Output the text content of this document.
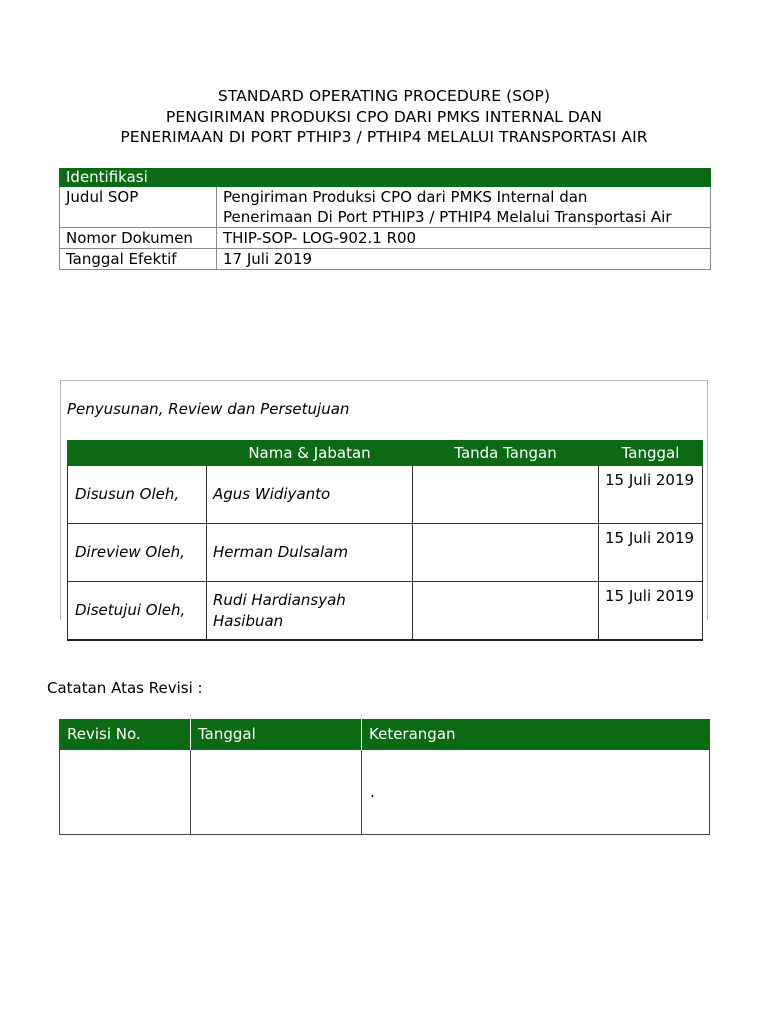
STANDARD OPERATING PROCEDURE (SOP)
PENGIRIMAN PRODUKSI CPO DARI PMKS INTERNAL DAN
PENERIMAAN DI PORT PTHIP3 / PTHIP4 MELALUI TRANSPORTASI AIR
Identifikasi	
Judul SOP	Pengiriman Produksi CPO dari PMKS Internal dan Penerimaan Di Port PTHIP3 / PTHIP4 Melalui Transportasi Air
Nomor Dokumen	THIP-SOP- LOG-902.1 R00
Tanggal Efektif	17 Juli 2019
Penyusunan, Review dan Persetujuan
	Nama & Jabatan	Tanda Tangan	Tanggal
Disusun Oleh,	Agus Widiyanto		15 Juli 2019
Direview Oleh,	Herman Dulsalam		15 Juli 2019
Disetujui Oleh,	Rudi Hardiansyah Hasibuan		15 Juli 2019
Catatan Atas Revisi :
Revisi No.	Tanggal	Keterangan
		.
